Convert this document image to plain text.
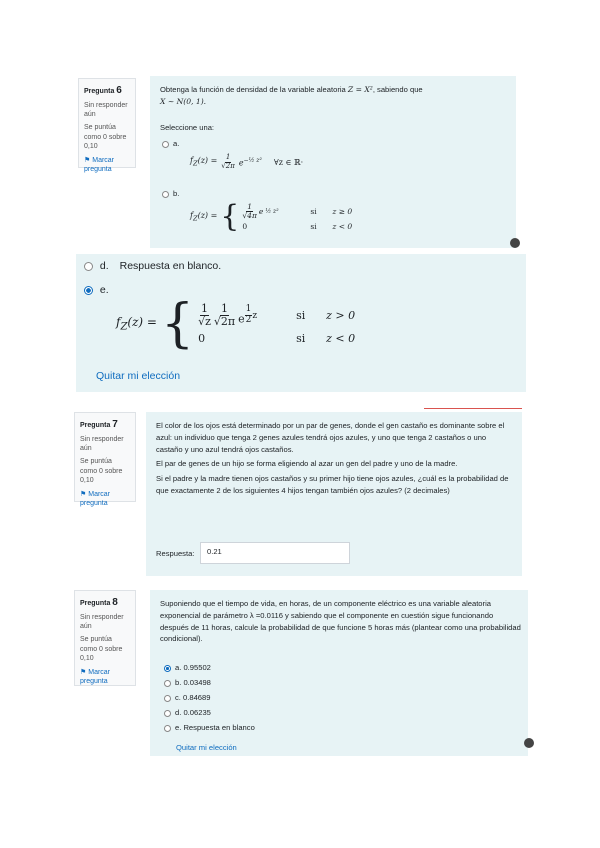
Pregunta 6
Sin responder aún
Se puntúa como 0 sobre 0,10
⚑ Marcar pregunta
Obtenga la función de densidad de la variable aleatoria Z = X², sabiendo que
X ∼ N(0, 1).
Seleccione una:
a.
$f_Z(z) = \frac{1}{√2\pi} e^{-\frac{1}{2} z^2}$ ∀z ∈ ℝ·
b.
$f_Z(z)$ = { $\frac{1}{√4\pi}$ e ½ z²	si	z ≥ 0
0	si	z < 0
d. Respuesta en blanco.
e.
$f_Z(z)$ = { $\frac{1}{√z} \frac{1}{√2\pi}$ e $^{\frac{1}{2} z}$	si	z > 0
0	si	z < 0
Quitar mi elección
Pregunta 7
Sin responder aún
Se puntúa como 0 sobre 0,10
⚑ Marcar pregunta

El color de los ojos está determinado por un par de genes, donde el gen castaño es dominante sobre el azul: un individuo que tenga 2 genes azules tendrá ojos azules, y uno que tenga 2 castaños o uno castaño y uno azul tendrá ojos castaños.

El par de genes de un hijo se forma eligiendo al azar un gen del padre y uno de la madre.

Si el padre y la madre tienen ojos castaños y su primer hijo tiene ojos azules, ¿cuál es la probabilidad de que exactamente 2 de los siguientes 4 hijos tengan también ojos azules? (2 decimales)

Respuesta:	0.21
Pregunta 8
Sin responder aún
Se puntúa como 0 sobre 0,10
⚑ Marcar pregunta
Suponiendo que el tiempo de vida, en horas, de un componente eléctrico es una variable aleatoria exponencial de parámetro λ =0.0116 y sabiendo que el componente en cuestión sigue funcionando después de 11 horas, calcule la probabilidad de que funcione 5 horas más (plantear como una probabilidad condicional).
a. 0.95502
b. 0.03498
c. 0.84689
d. 0.06235
e. Respuesta en blanco
Quitar mi elección
